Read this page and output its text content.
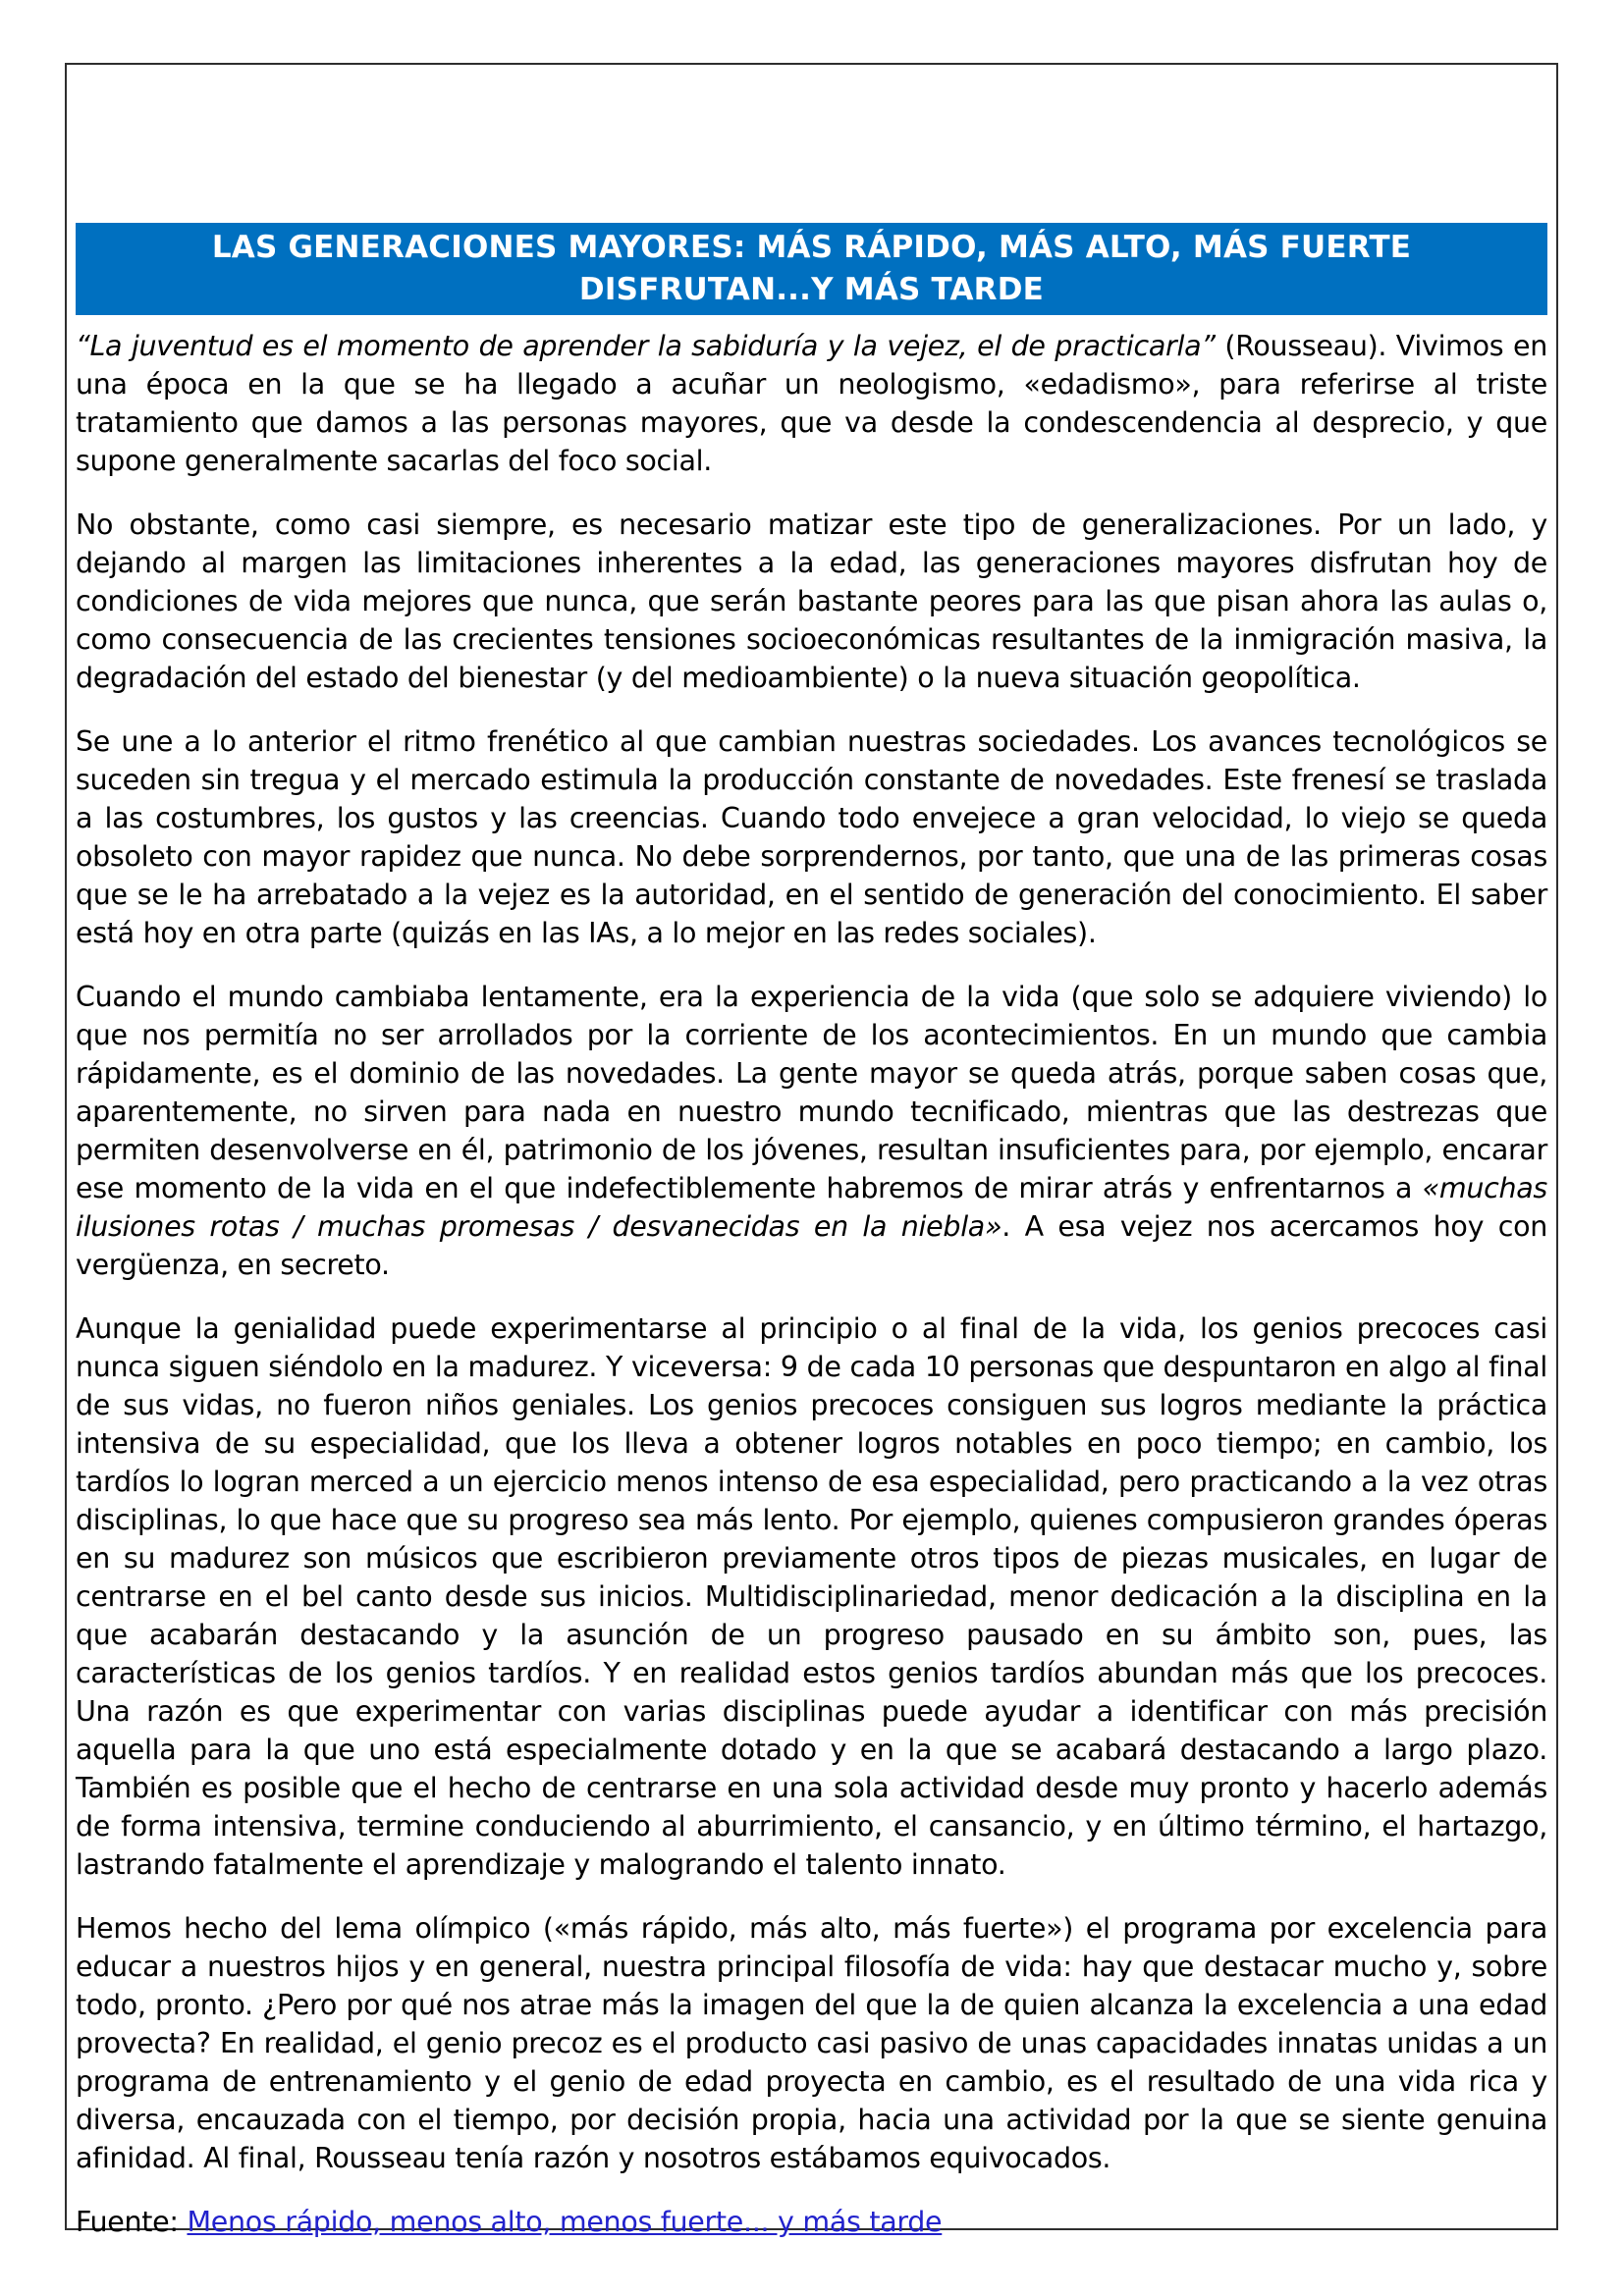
LAS GENERACIONES MAYORES: MÁS RÁPIDO, MÁS ALTO, MÁS FUERTE
DISFRUTAN...Y MÁS TARDE

“La juventud es el momento de aprender la sabiduría y la vejez, el de practicarla” (Rousseau). Vivimos en una época en la que se ha llegado a acuñar un neologismo, «edadismo», para referirse al triste tratamiento que damos a las personas mayores, que va desde la condescendencia al desprecio, y que supone generalmente sacarlas del foco social.

No obstante, como casi siempre, es necesario matizar este tipo de generalizaciones. Por un lado, y dejando al margen las limitaciones inherentes a la edad, las generaciones mayores disfrutan hoy de condiciones de vida mejores que nunca, que serán bastante peores para las que pisan ahora las aulas o, como consecuencia de las crecientes tensiones socioeconómicas resultantes de la inmigración masiva, la degradación del estado del bienestar (y del medioambiente) o la nueva situación geopolítica.

Se une a lo anterior el ritmo frenético al que cambian nuestras sociedades. Los avances tecnológicos se suceden sin tregua y el mercado estimula la producción constante de novedades. Este frenesí se traslada a las costumbres, los gustos y las creencias. Cuando todo envejece a gran velocidad, lo viejo se queda obsoleto con mayor rapidez que nunca. No debe sorprendernos, por tanto, que una de las primeras cosas que se le ha arrebatado a la vejez es la autoridad, en el sentido de generación del conocimiento. El saber está hoy en otra parte (quizás en las IAs, a lo mejor en las redes sociales).

Cuando el mundo cambiaba lentamente, era la experiencia de la vida (que solo se adquiere viviendo) lo que nos permitía no ser arrollados por la corriente de los acontecimientos. En un mundo que cambia rápidamente, es el dominio de las novedades. La gente mayor se queda atrás, porque saben cosas que, aparentemente, no sirven para nada en nuestro mundo tecnificado, mientras que las destrezas que permiten desenvolverse en él, patrimonio de los jóvenes, resultan insuficientes para, por ejemplo, encarar ese momento de la vida en el que indefectiblemente habremos de mirar atrás y enfrentarnos a «muchas ilusiones rotas / muchas promesas / desvanecidas en la niebla». A esa vejez nos acercamos hoy con vergüenza, en secreto.

Aunque la genialidad puede experimentarse al principio o al final de la vida, los genios precoces casi nunca siguen siéndolo en la madurez. Y viceversa: 9 de cada 10 personas que despuntaron en algo al final de sus vidas, no fueron niños geniales. Los genios precoces consiguen sus logros mediante la práctica intensiva de su especialidad, que los lleva a obtener logros notables en poco tiempo; en cambio, los tardíos lo logran merced a un ejercicio menos intenso de esa especialidad, pero practicando a la vez otras disciplinas, lo que hace que su progreso sea más lento. Por ejemplo, quienes compusieron grandes óperas en su madurez son músicos que escribieron previamente otros tipos de piezas musicales, en lugar de centrarse en el bel canto desde sus inicios. Multidisciplinariedad, menor dedicación a la disciplina en la que acabarán destacando y la asunción de un progreso pausado en su ámbito son, pues, las características de los genios tardíos. Y en realidad estos genios tardíos abundan más que los precoces. Una razón es que experimentar con varias disciplinas puede ayudar a identificar con más precisión aquella para la que uno está especialmente dotado y en la que se acabará destacando a largo plazo. También es posible que el hecho de centrarse en una sola actividad desde muy pronto y hacerlo además de forma intensiva, termine conduciendo al aburrimiento, el cansancio, y en último término, el hartazgo, lastrando fatalmente el aprendizaje y malogrando el talento innato.

Hemos hecho del lema olímpico («más rápido, más alto, más fuerte») el programa por excelencia para educar a nuestros hijos y en general, nuestra principal filosofía de vida: hay que destacar mucho y, sobre todo, pronto. ¿Pero por qué nos atrae más la imagen del que la de quien alcanza la excelencia a una edad provecta? En realidad, el genio precoz es el producto casi pasivo de unas capacidades innatas unidas a un programa de entrenamiento y el genio de edad proyecta en cambio, es el resultado de una vida rica y diversa, encauzada con el tiempo, por decisión propia, hacia una actividad por la que se siente genuina afinidad. Al final, Rousseau tenía razón y nosotros estábamos equivocados.

Fuente: Menos rápido, menos alto, menos fuerte... y más tarde
